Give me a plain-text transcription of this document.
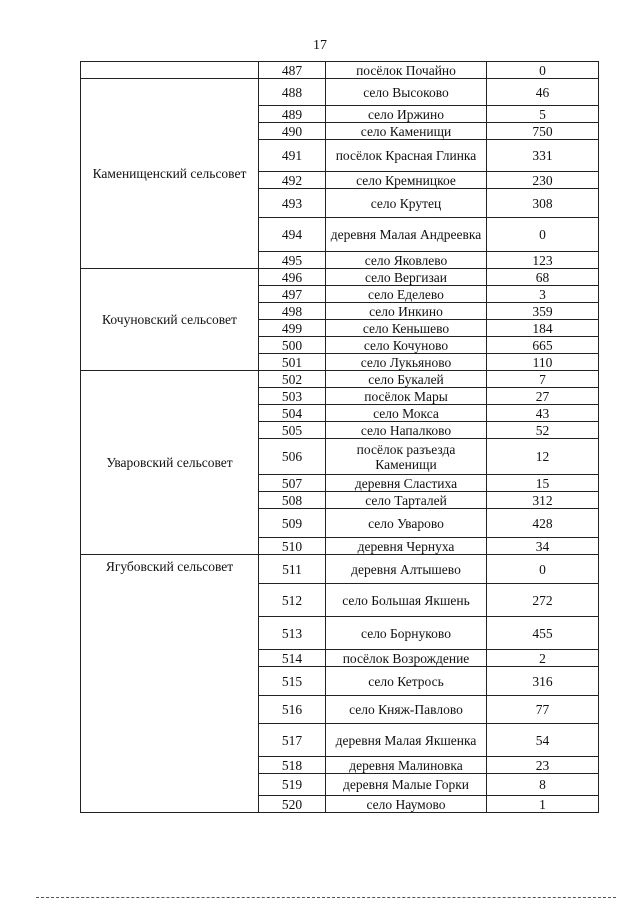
17
	487	посёлок Почайно	0
Каменищенский сельсовет	488	село Высоково	46
	489	село Иржино	5
	490	село Каменищи	750
	491	посёлок Красная Глинка	331
	492	село Кремницкое	230
	493	село Крутец	308
	494	деревня Малая Андреевка	0
	495	село Яковлево	123
Кочуновский сельсовет	496	село Вергизаи	68
	497	село Еделево	3
	498	село Инкино	359
	499	село Кеньшево	184
	500	село Кочуново	665
	501	село Лукьяново	110
Уваровский сельсовет	502	село Букалей	7
	503	посёлок Мары	27
	504	село Мокса	43
	505	село Напалково	52
	506	посёлок разъезда Каменищи	12
	507	деревня Сластиха	15
	508	село Тарталей	312
	509	село Уварово	428
	510	деревня Чернуха	34
Ягубовский сельсовет	511	деревня Алтышево	0
	512	село Большая Якшень	272
	513	село Борнуково	455
	514	посёлок Возрождение	2
	515	село Кетрось	316
	516	село Княж-Павлово	77
	517	деревня Малая Якшенка	54
	518	деревня Малиновка	23
	519	деревня Малые Горки	8
	520	село Наумово	1
